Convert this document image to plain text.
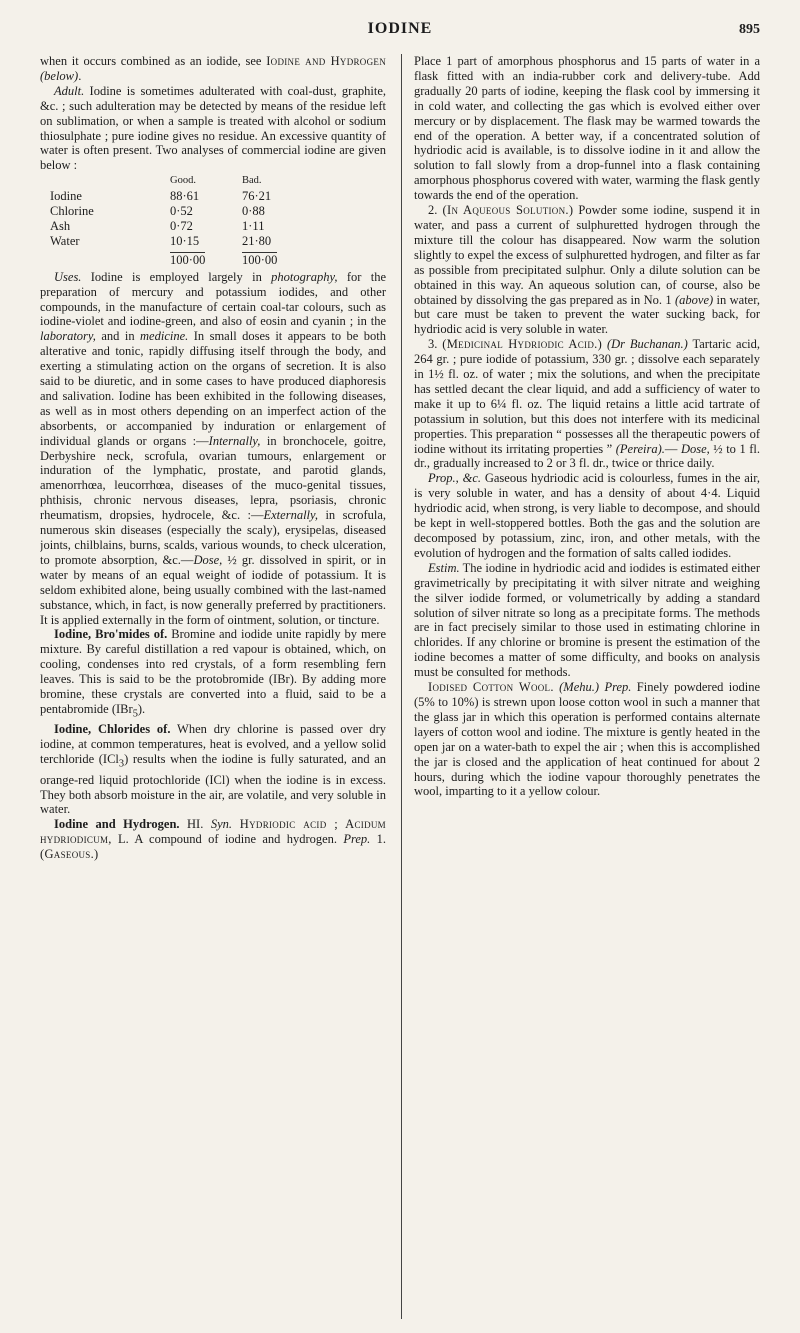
IODINE	895

when it occurs combined as an iodide, see Iodine and Hydrogen (below).

Adult. Iodine is sometimes adulterated with coal-dust, graphite, &c. ; such adulteration may be detected by means of the residue left on sublimation, or when a sample is treated with alcohol or sodium thiosulphate ; pure iodine gives no residue. An excessive quantity of water is often present. Two analyses of commercial iodine are given below :

	Good.	Bad.
Iodine	88·61	76·21
Chlorine	0·52	0·88
Ash	0·72	1·11
Water	10·15	21·80
	100·00	100·00

Uses. Iodine is employed largely in photography, for the preparation of mercury and potassium iodides, and other compounds, in the manufacture of certain coal-tar colours, such as iodine-violet and iodine-green, and also of eosin and cyanin ; in the laboratory, and in medicine. In small doses it appears to be both alterative and tonic, rapidly diffusing itself through the body, and exerting a stimulating action on the organs of secretion. It is also said to be diuretic, and in some cases to have produced diaphoresis and salivation. Iodine has been exhibited in the following diseases, as well as in most others depending on an imperfect action of the absorbents, or accompanied by induration or enlargement of individual glands or organs :—Internally, in bronchocele, goitre, Derbyshire neck, scrofula, ovarian tumours, enlargement or induration of the lymphatic, prostate, and parotid glands, amenorrhœa, leucorrhœa, diseases of the muco-genital tissues, phthisis, chronic nervous diseases, lepra, psoriasis, chronic rheumatism, dropsies, hydrocele, &c. :—Externally, in scrofula, numerous skin diseases (especially the scaly), erysipelas, diseased joints, chilblains, burns, scalds, various wounds, to check ulceration, to promote absorption, &c.—Dose, ½ gr. dissolved in spirit, or in water by means of an equal weight of iodide of potassium. It is seldom exhibited alone, being usually combined with the last-named substance, which, in fact, is now generally preferred by practitioners. It is applied externally in the form of ointment, solution, or tincture.

Iodine, Bro'mides of. Bromine and iodide unite rapidly by mere mixture. By careful distillation a red vapour is obtained, which, on cooling, condenses into red crystals, of a form resembling fern leaves. This is said to be the protobromide (IBr). By adding more bromine, these crystals are converted into a fluid, said to be a pentabromide (IBr$_5$).

Iodine, Chlorides of. When dry chlorine is passed over dry iodine, at common temperatures, heat is evolved, and a yellow solid terchloride (ICl$_3$) results when the iodine is fully saturated, and an orange-red liquid protochloride (ICl) when the iodine is in excess. They both absorb moisture in the air, are volatile, and very soluble in water.

Iodine and Hydrogen. HI. Syn. Hydriodic acid ; Acidum hydriodicum, L. A compound of iodine and hydrogen. Prep. 1. (Gaseous.)

Place 1 part of amorphous phosphorus and 15 parts of water in a flask fitted with an india-rubber cork and delivery-tube. Add gradually 20 parts of iodine, keeping the flask cool by immersing it in cold water, and collecting the gas which is evolved either over mercury or by displacement. The flask may be warmed towards the end of the operation. A better way, if a concentrated solution of hydriodic acid is available, is to dissolve iodine in it and allow the solution to fall slowly from a drop-funnel into a flask containing amorphous phosphorus covered with water, warming the flask gently towards the end of the operation.

2. (In Aqueous Solution.) Powder some iodine, suspend it in water, and pass a current of sulphuretted hydrogen through the mixture till the colour has disappeared. Now warm the solution slightly to expel the excess of sulphuretted hydrogen, and filter as far as possible from precipitated sulphur. Only a dilute solution can be obtained in this way. An aqueous solution can, of course, also be obtained by dissolving the gas prepared as in No. 1 (above) in water, but care must be taken to prevent the water sucking back, for hydriodic acid is very soluble in water.

3. (Medicinal Hydriodic Acid.) (Dr Buchanan.) Tartaric acid, 264 gr. ; pure iodide of potassium, 330 gr. ; dissolve each separately in 1½ fl. oz. of water ; mix the solutions, and when the precipitate has settled decant the clear liquid, and add a sufficiency of water to make it up to 6¼ fl. oz. The liquid retains a little acid tartrate of potassium in solution, but this does not interfere with its medicinal properties. This preparation “ possesses all the therapeutic powers of iodine without its irritating properties ” (Pereira).— Dose, ½ to 1 fl. dr., gradually increased to 2 or 3 fl. dr., twice or thrice daily.

Prop., &c. Gaseous hydriodic acid is colourless, fumes in the air, is very soluble in water, and has a density of about 4·4. Liquid hydriodic acid, when strong, is very liable to decompose, and should be kept in well-stoppered bottles. Both the gas and the solution are decomposed by potassium, zinc, iron, and other metals, with the evolution of hydrogen and the formation of salts called iodides.

Estim. The iodine in hydriodic acid and iodides is estimated either gravimetrically by precipitating it with silver nitrate and weighing the silver iodide formed, or volumetrically by adding a standard solution of silver nitrate so long as a precipitate forms. The methods are in fact precisely similar to those used in estimating chlorine in chlorides. If any chlorine or bromine is present the estimation of the iodine becomes a matter of some difficulty, and books on analysis must be consulted for methods.

Iodised Cotton Wool. (Mehu.) Prep. Finely powdered iodine (5% to 10%) is strewn upon loose cotton wool in such a manner that the glass jar in which this operation is performed contains alternate layers of cotton wool and iodine. The mixture is gently heated in the open jar on a water-bath to expel the air ; when this is accomplished the jar is closed and the application of heat continued for about 2 hours, during which the iodine vapour thoroughly penetrates the wool, imparting to it a yellow colour.
